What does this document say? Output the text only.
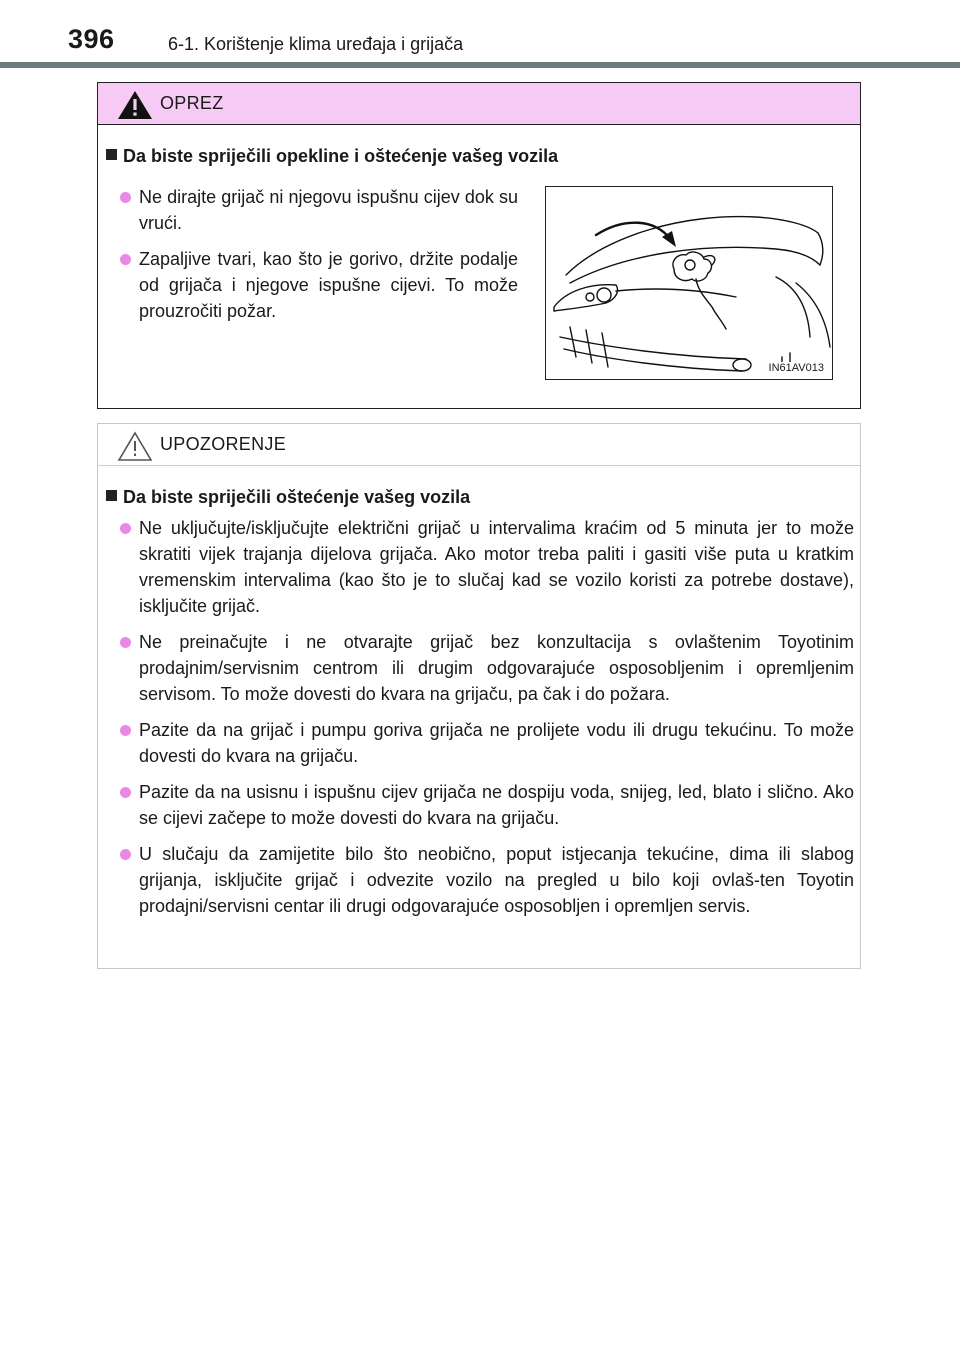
396	6-1. Korištenje klima uređaja i grijača
OPREZ
Da biste spriječili opekline i oštećenje vašeg vozila
Ne dirajte grijač ni njegovu ispušnu cijev dok su vrući.
Zapaljive tvari, kao što je gorivo, držite podalje od grijača i njegove ispušne cijevi. To može prouzročiti požar.
IN61AV013
UPOZORENJE
Da biste spriječili oštećenje vašeg vozila
Ne uključujte/isključujte električni grijač u intervalima kraćim od 5 minuta jer to može skratiti vijek trajanja dijelova grijača. Ako motor treba paliti i gasiti više puta u kratkim vremenskim intervalima (kao što je to slučaj kad se vozilo koristi za potrebe dostave), isključite grijač.
Ne preinačujte i ne otvarajte grijač bez konzultacija s ovlaštenim Toyotinim prodajnim/servisnim centrom ili drugim odgovarajuće osposobljenim i opremljenim servisom. To može dovesti do kvara na grijaču, pa čak i do požara.
Pazite da na grijač i pumpu goriva grijača ne prolijete vodu ili drugu tekućinu. To može dovesti do kvara na grijaču.
Pazite da na usisnu i ispušnu cijev grijača ne dospiju voda, snijeg, led, blato i slično. Ako se cijevi začepe to može dovesti do kvara na grijaču.
U slučaju da zamijetite bilo što neobično, poput istjecanja tekućine, dima ili slabog grijanja, isključite grijač i odvezite vozilo na pregled u bilo koji ovlaš-ten Toyotin prodajni/servisni centar ili drugi odgovarajuće osposobljen i opremljen servis.
